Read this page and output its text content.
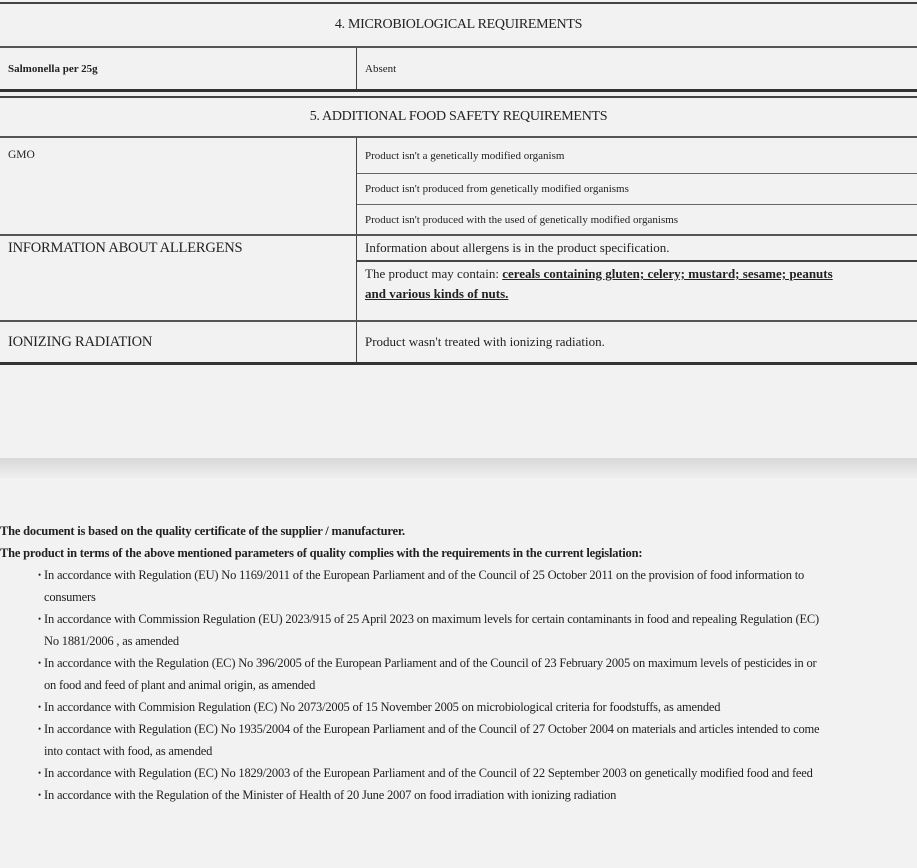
4. MICROBIOLOGICAL REQUIREMENTS
Salmonella per 25g	Absent
5. ADDITIONAL FOOD SAFETY REQUIREMENTS
GMO	Product isn't a genetically modified organism
Product isn't produced from genetically modified organisms
Product isn't produced with the used of genetically modified organisms
INFORMATION ABOUT ALLERGENS	Information about allergens is in the product specification.
The product may contain: cereals containing gluten; celery; mustard; sesame; peanuts and various kinds of nuts.
IONIZING RADIATION	Product wasn't treated with ionizing radiation.
The document is based on the quality certificate of the supplier / manufacturer.
The product in terms of the above mentioned parameters of quality complies with the requirements in the current legislation:
• In accordance with Regulation (EU) No 1169/2011 of the European Parliament and of the Council of 25 October 2011 on the provision of food information to consumers
• In accordance with Commission Regulation (EU) 2023/915 of 25 April 2023 on maximum levels for certain contaminants in food and repealing Regulation (EC) No 1881/2006 , as amended
• In accordance with the Regulation (EC) No 396/2005 of the European Parliament and of the Council of 23 February 2005 on maximum levels of pesticides in or on food and feed of plant and animal origin, as amended
• In accordance with Commision Regulation (EC) No 2073/2005 of 15 November 2005 on microbiological criteria for foodstuffs, as amended
• In accordance with Regulation (EC) No 1935/2004 of the European Parliament and of the Council of 27 October 2004 on materials and articles intended to come into contact with food, as amended
• In accordance with Regulation (EC) No 1829/2003 of the European Parliament and of the Council of 22 September 2003 on genetically modified food and feed
• In accordance with the Regulation of the Minister of Health of 20 June 2007 on food irradiation with ionizing radiation
